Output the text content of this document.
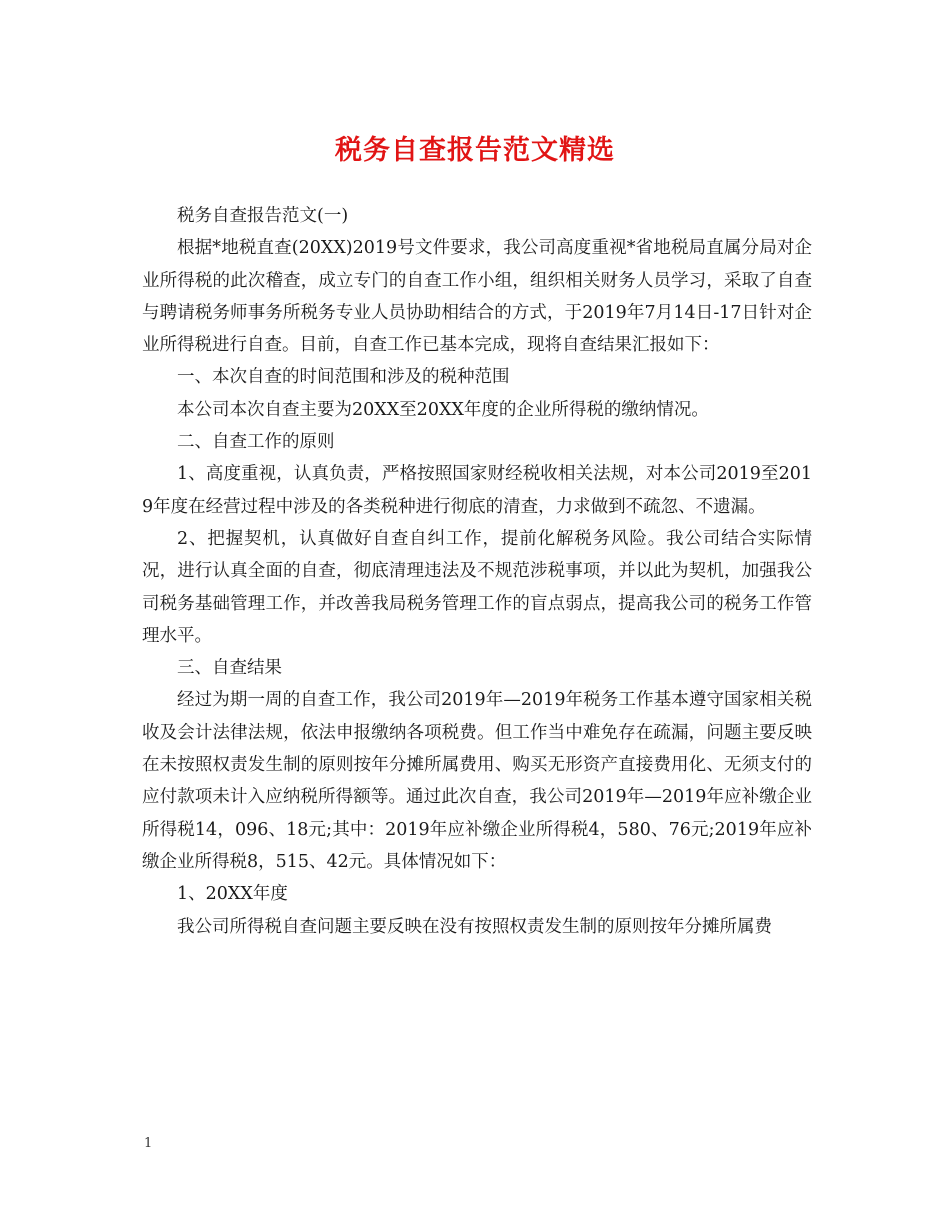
税务自查报告范文精选

税务自查报告范文(一)

根据*地税直查(20XX)2019号文件要求，我公司高度重视*省地税局直属分局对企业所得税的此次稽查，成立专门的自查工作小组，组织相关财务人员学习，采取了自查与聘请税务师事务所税务专业人员协助相结合的方式，于2019年7月14日-17日针对企业所得税进行自查。目前，自查工作已基本完成，现将自查结果汇报如下：

一、本次自查的时间范围和涉及的税种范围

本公司本次自查主要为20XX至20XX年度的企业所得税的缴纳情况。

二、自查工作的原则

1、高度重视，认真负责，严格按照国家财经税收相关法规，对本公司2019至2019年度在经营过程中涉及的各类税种进行彻底的清查，力求做到不疏忽、不遗漏。

2、把握契机，认真做好自查自纠工作，提前化解税务风险。我公司结合实际情况，进行认真全面的自查，彻底清理违法及不规范涉税事项，并以此为契机，加强我公司税务基础管理工作，并改善我局税务管理工作的盲点弱点，提高我公司的税务工作管理水平。

三、自查结果

经过为期一周的自查工作，我公司2019年—2019年税务工作基本遵守国家相关税收及会计法律法规，依法申报缴纳各项税费。但工作当中难免存在疏漏，问题主要反映在未按照权责发生制的原则按年分摊所属费用、购买无形资产直接费用化、无须支付的应付款项未计入应纳税所得额等。通过此次自查，我公司2019年—2019年应补缴企业所得税14，096、18元;其中：2019年应补缴企业所得税4，580、76元;2019年应补缴企业所得税8，515、42元。具体情况如下：

1、20XX年度

我公司所得税自查问题主要反映在没有按照权责发生制的原则按年分摊所属费

1
